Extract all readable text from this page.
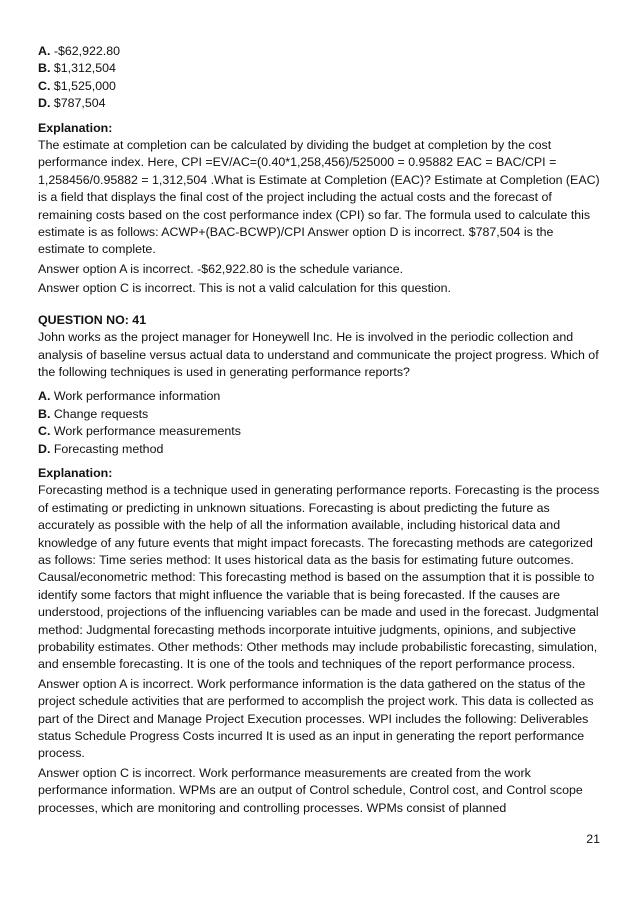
A. -$62,922.80
B. $1,312,504
C. $1,525,000
D. $787,504
Explanation:

The estimate at completion can be calculated by dividing the budget at completion by the cost performance index. Here, CPI =EV/AC=(0.40*1,258,456)/525000 = 0.95882 EAC = BAC/CPI = 1,258456/0.95882 = 1,312,504 .What is Estimate at Completion (EAC)? Estimate at Completion (EAC) is a field that displays the final cost of the project including the actual costs and the forecast of remaining costs based on the cost performance index (CPI) so far. The formula used to calculate this estimate is as follows: ACWP+(BAC-BCWP)/CPI Answer option D is incorrect. $787,504 is the estimate to complete.

Answer option A is incorrect. -$62,922.80 is the schedule variance.

Answer option C is incorrect. This is not a valid calculation for this question.

QUESTION NO: 41

John works as the project manager for Honeywell Inc. He is involved in the periodic collection and analysis of baseline versus actual data to understand and communicate the project progress. Which of the following techniques is used in generating performance reports?

A. Work performance information
B. Change requests
C. Work performance measurements
D. Forecasting method
Explanation:

Forecasting method is a technique used in generating performance reports. Forecasting is the process of estimating or predicting in unknown situations. Forecasting is about predicting the future as accurately as possible with the help of all the information available, including historical data and knowledge of any future events that might impact forecasts. The forecasting methods are categorized as follows: Time series method: It uses historical data as the basis for estimating future outcomes. Causal/econometric method: This forecasting method is based on the assumption that it is possible to identify some factors that might influence the variable that is being forecasted. If the causes are understood, projections of the influencing variables can be made and used in the forecast. Judgmental method: Judgmental forecasting methods incorporate intuitive judgments, opinions, and subjective probability estimates. Other methods: Other methods may include probabilistic forecasting, simulation, and ensemble forecasting. It is one of the tools and techniques of the report performance process.

Answer option A is incorrect. Work performance information is the data gathered on the status of the project schedule activities that are performed to accomplish the project work. This data is collected as part of the Direct and Manage Project Execution processes. WPI includes the following: Deliverables status Schedule Progress Costs incurred It is used as an input in generating the report performance process.

Answer option C is incorrect. Work performance measurements are created from the work performance information. WPMs are an output of Control schedule, Control cost, and Control scope processes, which are monitoring and controlling processes. WPMs consist of planned

21
